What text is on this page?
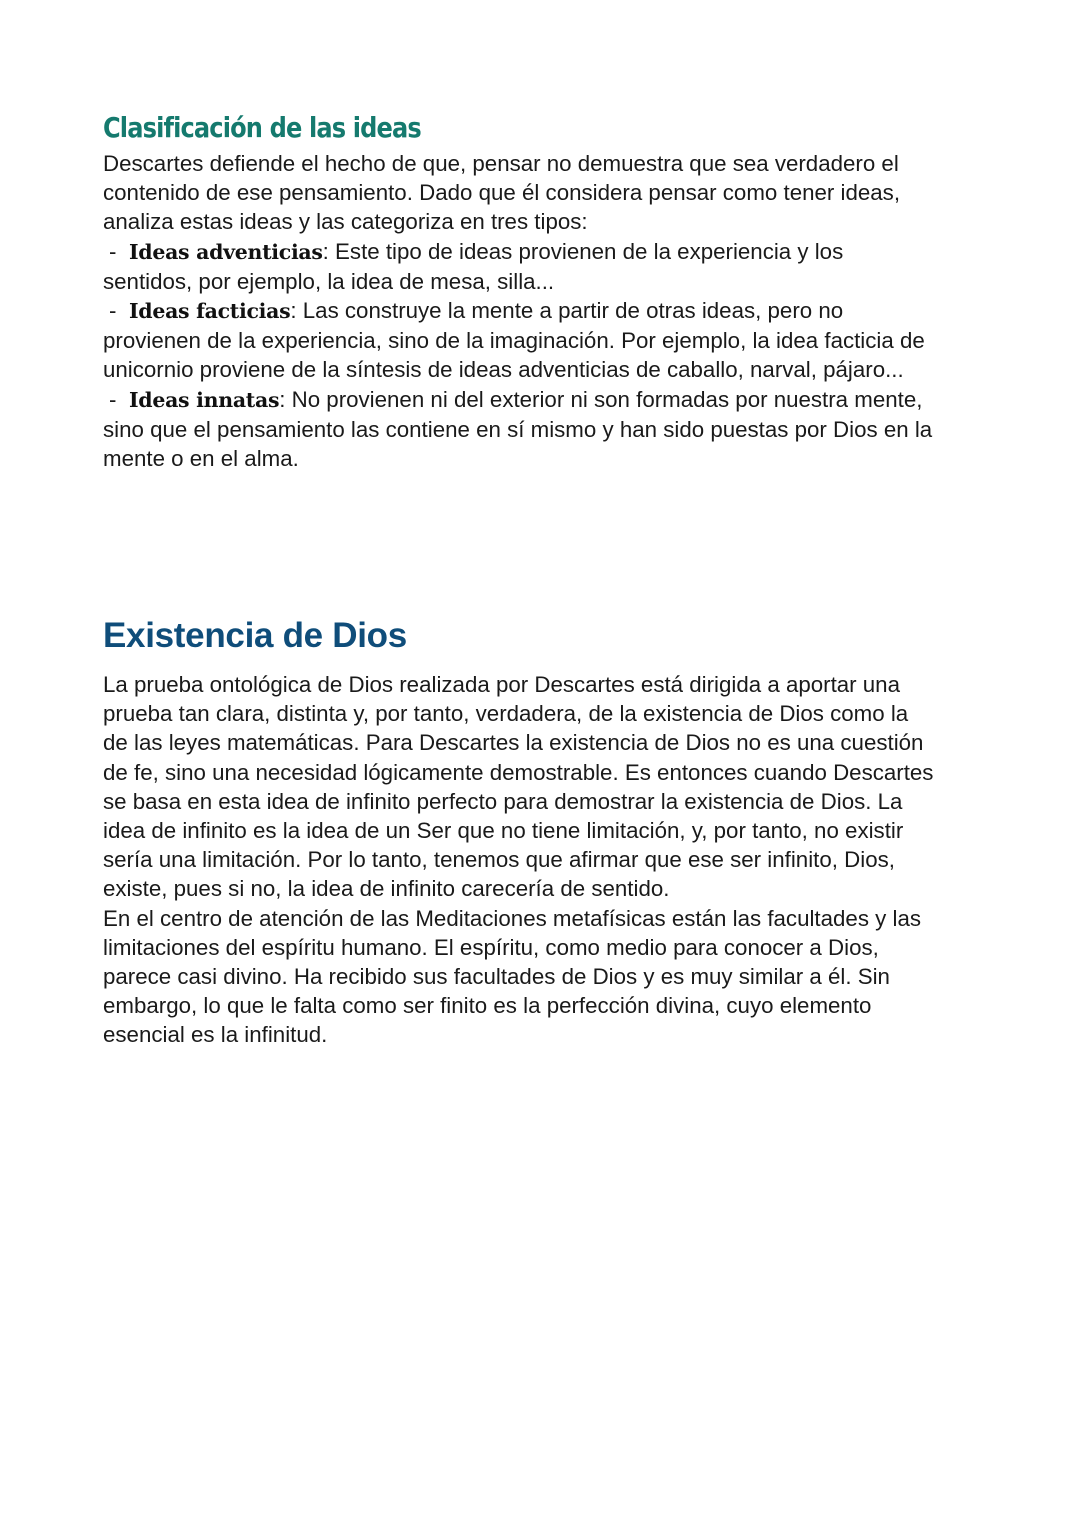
Clasificación de las ideas
Descartes defiende el hecho de que, pensar no demuestra que sea verdadero el
contenido de ese pensamiento. Dado que él considera pensar como tener ideas,
analiza estas ideas y las categoriza en tres tipos:
- Ideas adventicias: Este tipo de ideas provienen de la experiencia y los
sentidos, por ejemplo, la idea de mesa, silla...
- Ideas facticias: Las construye la mente a partir de otras ideas, pero no
provienen de la experiencia, sino de la imaginación. Por ejemplo, la idea facticia de
unicornio proviene de la síntesis de ideas adventicias de caballo, narval, pájaro...
- Ideas innatas: No provienen ni del exterior ni son formadas por nuestra mente,
sino que el pensamiento las contiene en sí mismo y han sido puestas por Dios en la
mente o en el alma.
Existencia de Dios
La prueba ontológica de Dios realizada por Descartes está dirigida a aportar una
prueba tan clara, distinta y, por tanto, verdadera, de la existencia de Dios como la
de las leyes matemáticas. Para Descartes la existencia de Dios no es una cuestión
de fe, sino una necesidad lógicamente demostrable. Es entonces cuando Descartes
se basa en esta idea de infinito perfecto para demostrar la existencia de Dios. La
idea de infinito es la idea de un Ser que no tiene limitación, y, por tanto, no existir
sería una limitación. Por lo tanto, tenemos que afirmar que ese ser infinito, Dios,
existe, pues si no, la idea de infinito carecería de sentido.
En el centro de atención de las Meditaciones metafísicas están las facultades y las
limitaciones del espíritu humano. El espíritu, como medio para conocer a Dios,
parece casi divino. Ha recibido sus facultades de Dios y es muy similar a él. Sin
embargo, lo que le falta como ser finito es la perfección divina, cuyo elemento
esencial es la infinitud.
